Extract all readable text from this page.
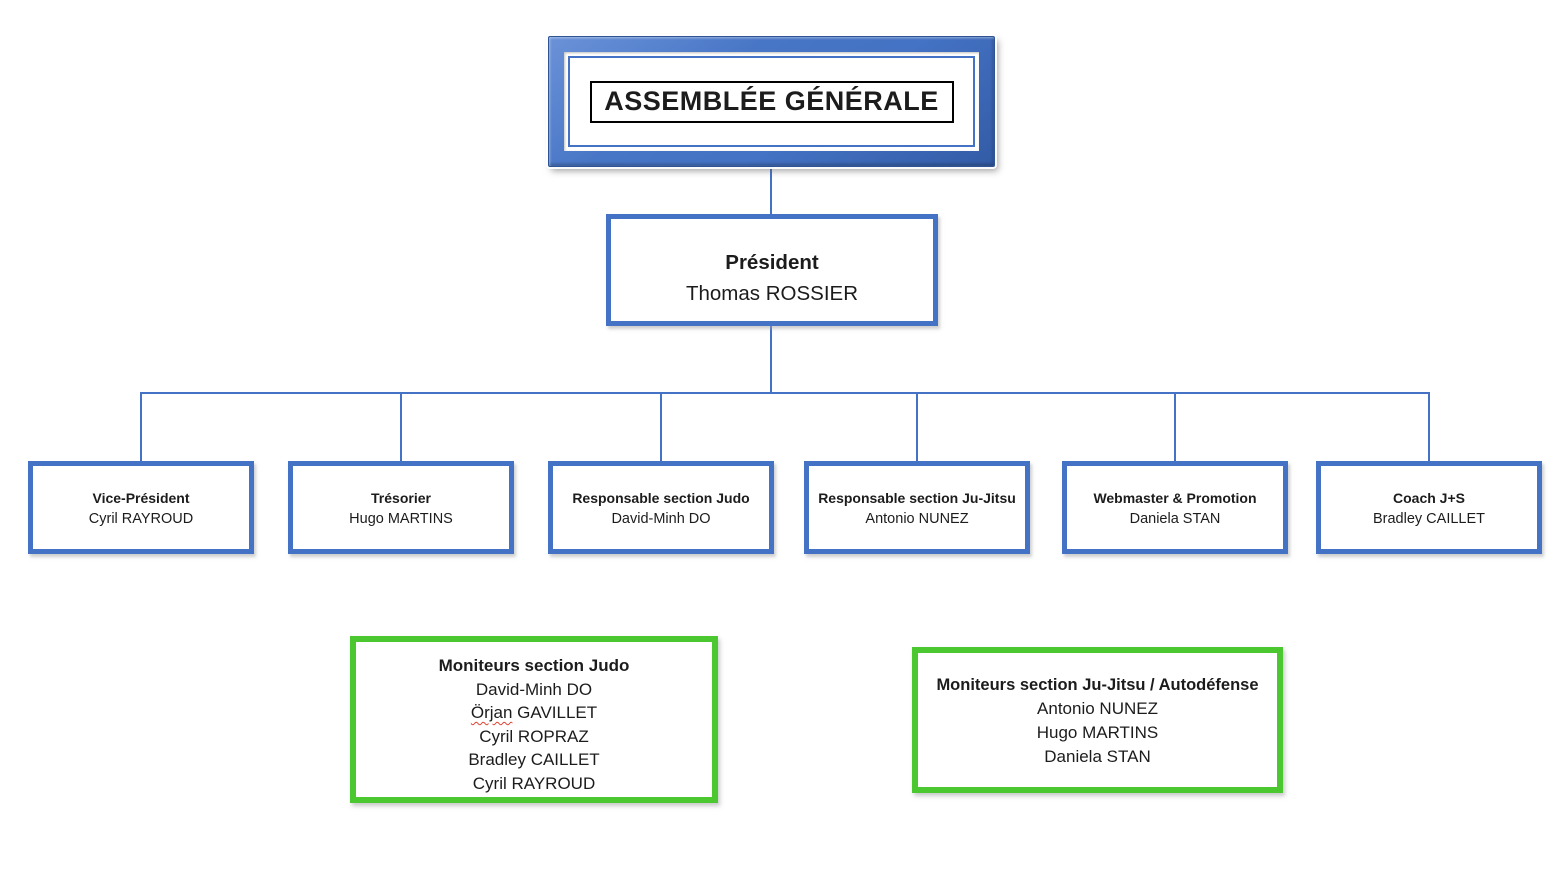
ASSEMBLÉE GÉNÉRALE
Président
Thomas ROSSIER
Vice-Président
Cyril RAYROUD
Trésorier
Hugo MARTINS
Responsable section Judo
David-Minh DO
Responsable section Ju-Jitsu
Antonio NUNEZ
Webmaster & Promotion
Daniela STAN
Coach J+S
Bradley CAILLET
Moniteurs section Judo
David-Minh DO
Örjan GAVILLET
Cyril ROPRAZ
Bradley CAILLET
Cyril RAYROUD
Moniteurs section Ju-Jitsu / Autodéfense
Antonio NUNEZ
Hugo MARTINS
Daniela STAN
